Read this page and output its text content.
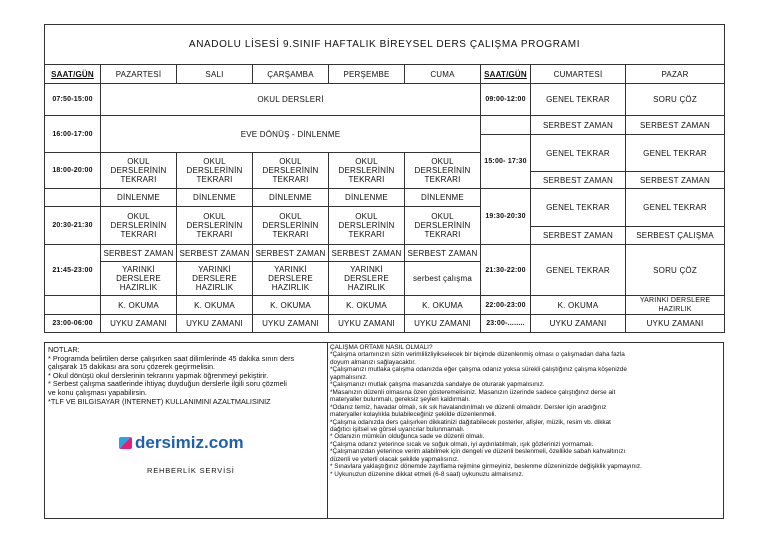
ANADOLU LİSESİ 9.SINIF HAFTALIK BİREYSEL DERS ÇALIŞMA PROGRAMI								
SAAT/GÜN	PAZARTESİ	SALI	ÇARŞAMBA	PERŞEMBE	CUMA	SAAT/GÜN	CUMARTESİ	PAZAR
07:50-15:00	OKUL DERSLERİ					09:00-12:00	GENEL TEKRAR	SORU ÇÖZ
16:00-17:00	EVE DÖNÜŞ - DİNLENME						SERBEST ZAMAN	SERBEST ZAMAN
						15:00- 17:30	GENEL TEKRAR	GENEL TEKRAR
18:00-20:00	OKUL DERSLERİNİN TEKRARI	OKUL DERSLERİNİN TEKRARI	OKUL DERSLERİNİN TEKRARI	OKUL DERSLERİNİN TEKRARI	OKUL DERSLERİNİN TEKRARI			
							SERBEST ZAMAN	SERBEST ZAMAN
	DİNLENME	DİNLENME	DİNLENME	DİNLENME	DİNLENME	19:30-20:30	GENEL TEKRAR	GENEL TEKRAR
20:30-21:30	OKUL DERSLERİNİN TEKRARI	OKUL DERSLERİNİN TEKRARI	OKUL DERSLERİNİN TEKRARI	OKUL DERSLERİNİN TEKRARI	OKUL DERSLERİNİN TEKRARI			
							SERBEST ZAMAN	SERBEST ÇALIŞMA
21:45-23:00	SERBEST ZAMAN	SERBEST ZAMAN	SERBEST ZAMAN	SERBEST ZAMAN	SERBEST ZAMAN	21:30-22:00	GENEL TEKRAR	SORU ÇÖZ
	YARINKİ DERSLERE HAZIRLIK	YARINKİ DERSLERE HAZIRLIK	YARINKİ DERSLERE HAZIRLIK	YARINKİ DERSLERE HAZIRLIK	serbest çalışma			
	K. OKUMA	K. OKUMA	K. OKUMA	K. OKUMA	K. OKUMA	22:00-23:00	K. OKUMA	YARINKİ DERSLERE HAZIRLIK
23:00-06:00	UYKU ZAMANI	UYKU ZAMANI	UYKU ZAMANI	UYKU ZAMANI	UYKU ZAMANI	23:00-........	UYKU ZAMANI	UYKU ZAMANI
NOTLAR:
* Programda belirtilen derse çalışırken saat dilimlerinde 45 dakika sınırı ders
çalışarak 15 dakikası ara soru çözerek geçirmelisin.
* Okul dönüşü okul derslerinin tekrarını yapmak öğrenmeyi pekiştirir.
* Serbest çalışma saatlerinde ihtiyaç duyduğun derslerle ilgili soru çözmeli
ve konu çalışması yapabilirsin.
*TLF VE BİLGİSAYAR (İNTERNET) KULLANIMINI AZALTMALISINIZ
dersimiz.com
REHBERLİK SERVİSİ
ÇALIŞMA ORTAMI NASIL OLMALI?
*Çalışma ortamınızın sizin verimlilizliyikselecek bir biçimde düzenlenmiş olması o çalışmadan daha fazla
doyum almanızı sağlayacaktır.
*Çalışmanızı mutlaka çalışma odanızda eğer çalışma odanız yoksa sürekli çalıştığınız çalışma köşenizde
yapmalısınız.
*Çalışmanızı mutlak çalışma masanızda sandalye de oturarak yapmalısınız.
*Masanızın düzenli olmasına özen gösteremelisiniz. Masanızın üzerinde sadece çalıştığınız derse ait
materyaller bulunmalı, gereksiz şeyleri kaldırmalı.
*Odanız temiz, havadar olmalı, sık sık havalandırılmalı ve düzenli olmalıdır. Dersler için aradığınız
materyaller kolaylıkla bulabileceğiniz şekilde düzenlenmeli.
*Çalışma odanızda ders çalışırken dikkatinizi dağıtabilecek posterler, afişler, müzik, resim vb. dikkat
dağıtıcı işitsel ve görsel uyarıcılar bulunmamalı.
* Odanızın mümkün olduğunca sade ve düzenli olmalı.
*Çalışma odanız yeterince sıcak ve soğuk olmalı, iyi aydınlatılmalı, ışık gözlerinizi yormamalı.
*Çalışmanızdan yeterince verim alabilmek için dengeli ve düzenli beslenmeli, özellikle sabah kahvaltınızı
düzenli ve yeterli olacak şekilde yapmalısınız.
* Sınavlara yaklaştığınız dönemde zayıflama rejimine girmeyiniz, beslenme düzeninizde değişiklik yapmayınız.
* Uykunuzun düzenine dikkat etmeli (6-8 saat) uykunuzu almalısınız.
